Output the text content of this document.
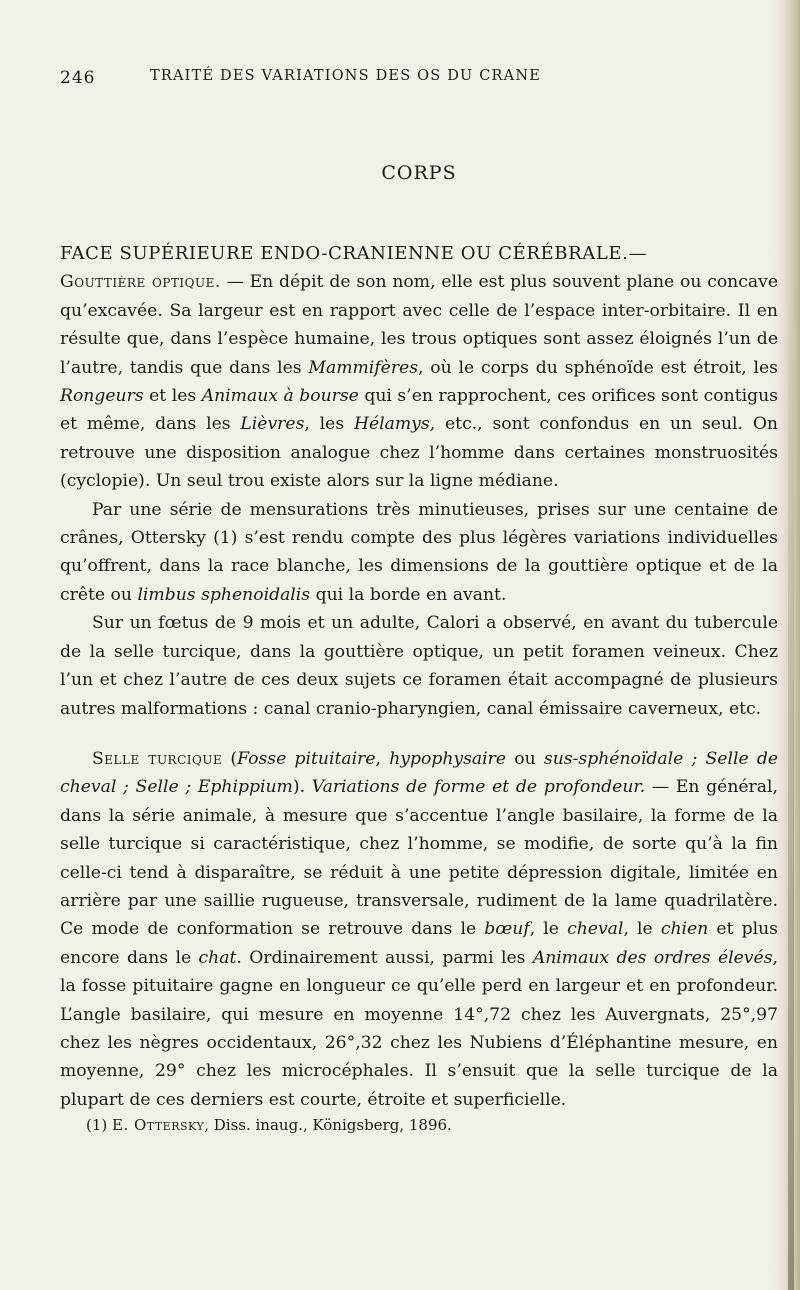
246	TRAITÉ DES VARIATIONS DES OS DU CRANE
CORPS

FACE SUPÉRIEURE ENDO-CRANIENNE OU CÉRÉBRALE.—
Gouttière optique. — En dépit de son nom, elle est plus souvent plane ou concave qu’excavée. Sa largeur est en rapport avec celle de l’espace inter-orbitaire. Il en résulte que, dans l’espèce humaine, les trous optiques sont assez éloignés l’un de l’autre, tandis que dans les Mammifères, où le corps du sphénoïde est étroit, les Rongeurs et les Animaux à bourse qui s’en rapprochent, ces orifices sont contigus et même, dans les Lièvres, les Hélamys, etc., sont confondus en un seul. On retrouve une disposition analogue chez l’homme dans certaines monstruosités (cyclopie). Un seul trou existe alors sur la ligne médiane.

Par une série de mensurations très minutieuses, prises sur une centaine de crânes, Ottersky (1) s’est rendu compte des plus légères variations individuelles qu’offrent, dans la race blanche, les dimensions de la gouttière optique et de la crête ou limbus sphenoidalis qui la borde en avant.

Sur un fœtus de 9 mois et un adulte, Calori a observé, en avant du tubercule de la selle turcique, dans la gouttière optique, un petit foramen veineux. Chez l’un et chez l’autre de ces deux sujets ce foramen était accompagné de plusieurs autres malformations : canal cranio-pharyngien, canal émissaire caverneux, etc.

Selle turcique (Fosse pituitaire, hypophysaire ou sus-sphénoïdale ; Selle de cheval ; Selle ; Ephippium). Variations de forme et de profondeur. — En général, dans la série animale, à mesure que s’accentue l’angle basilaire, la forme de la selle turcique si caractéristique, chez l’homme, se modifie, de sorte qu’à la fin celle-ci tend à disparaître, se réduit à une petite dépression digitale, limitée en arrière par une saillie rugueuse, transversale, rudiment de la lame quadrilatère. Ce mode de conformation se retrouve dans le bœuf, le cheval, le chien et plus encore dans le chat. Ordinairement aussi, parmi les Animaux des ordres élevés, la fosse pituitaire gagne en longueur ce qu’elle perd en largeur et en profondeur. L’angle basilaire, qui mesure en moyenne 14°,72 chez les Auvergnats, 25°,97 chez les nègres occidentaux, 26°,32 chez les Nubiens d’Éléphantine mesure, en moyenne, 29° chez les microcéphales. Il s’ensuit que la selle turcique de la plupart de ces derniers est courte, étroite et superficielle.

(1) E. Ottersky, Diss. inaug., Königsberg, 1896.
